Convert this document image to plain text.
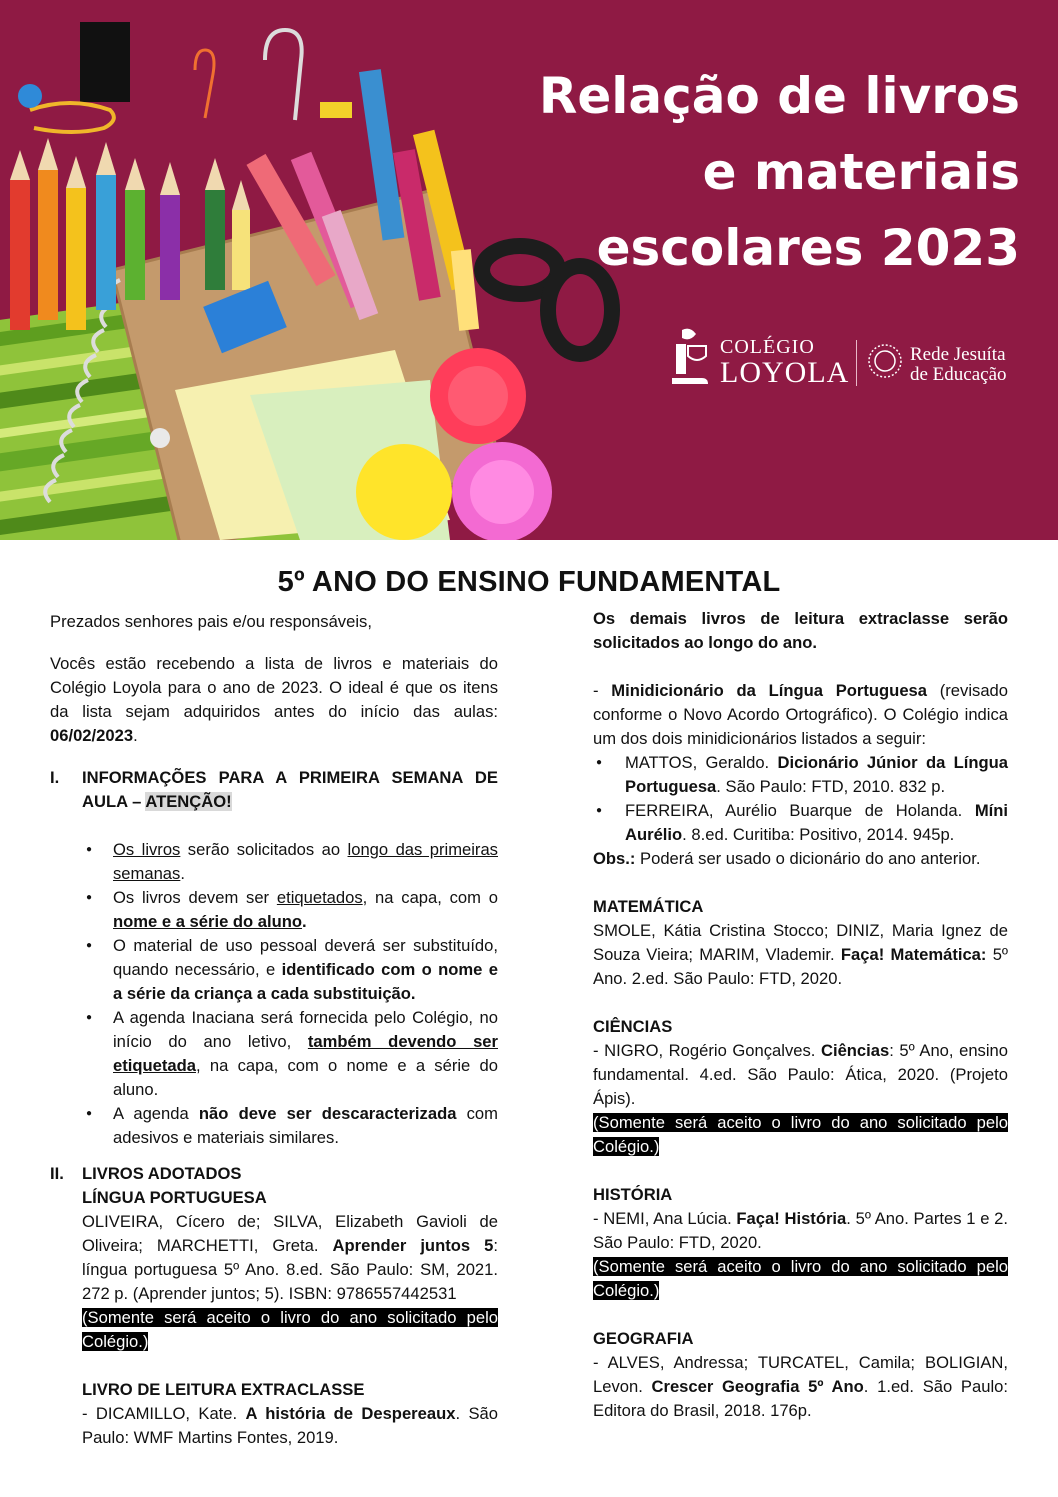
Relação de livros
e materiais
escolares 2023
COLÉGIO
LOYOLA
Rede Jesuíta
de Educação
5º ANO DO ENSINO FUNDAMENTAL

Prezados senhores pais e/ou responsáveis,

Vocês estão recebendo a lista de livros e materiais do Colégio Loyola para o ano de 2023. O ideal é que os itens da lista sejam adquiridos antes do início das aulas: 06/02/2023.

I.	INFORMAÇÕES PARA A PRIMEIRA SEMANA DE AULA – ATENÇÃO!
● Os livros serão solicitados ao longo das primeiras semanas.
● Os livros devem ser etiquetados, na capa, com o nome e a série do aluno.
● O material de uso pessoal deverá ser substituído, quando necessário, e identificado com o nome e a série da criança a cada substituição.
● A agenda Inaciana será fornecida pelo Colégio, no início do ano letivo, também devendo ser etiquetada, na capa, com o nome e a série do aluno.
● A agenda não deve ser descaracterizada com adesivos e materiais similares.
II.	LIVROS ADOTADOS
LÍNGUA PORTUGUESA

OLIVEIRA, Cícero de; SILVA, Elizabeth Gavioli de Oliveira; MARCHETTI, Greta. Aprender juntos 5: língua portuguesa 5º Ano. 8.ed. São Paulo: SM, 2021. 272 p. (Aprender juntos; 5). ISBN: 9786557442531

(Somente será aceito o livro do ano solicitado pelo Colégio.)

LIVRO DE LEITURA EXTRACLASSE

- DICAMILLO, Kate. A história de Despereaux. São Paulo: WMF Martins Fontes, 2019.

Os demais livros de leitura extraclasse serão solicitados ao longo do ano.

- Minidicionário da Língua Portuguesa (revisado conforme o Novo Acordo Ortográfico). O Colégio indica um dos dois minidicionários listados a seguir:

● MATTOS, Geraldo. Dicionário Júnior da Língua Portuguesa. São Paulo: FTD, 2010. 832 p.
● FERREIRA, Aurélio Buarque de Holanda. Míni Aurélio. 8.ed. Curitiba: Positivo, 2014. 945p.

Obs.: Poderá ser usado o dicionário do ano anterior.

MATEMÁTICA

SMOLE, Kátia Cristina Stocco; DINIZ, Maria Ignez de Souza Vieira; MARIM, Vlademir. Faça! Matemática: 5º Ano. 2.ed. São Paulo: FTD, 2020.

CIÊNCIAS

- NIGRO, Rogério Gonçalves. Ciências: 5º Ano, ensino fundamental. 4.ed. São Paulo: Ática, 2020. (Projeto Ápis).

(Somente será aceito o livro do ano solicitado pelo Colégio.)

HISTÓRIA

- NEMI, Ana Lúcia. Faça! História. 5º Ano. Partes 1 e 2. São Paulo: FTD, 2020.

(Somente será aceito o livro do ano solicitado pelo Colégio.)

GEOGRAFIA

- ALVES, Andressa; TURCATEL, Camila; BOLIGIAN, Levon. Crescer Geografia 5º Ano. 1.ed. São Paulo: Editora do Brasil, 2018. 176p.
